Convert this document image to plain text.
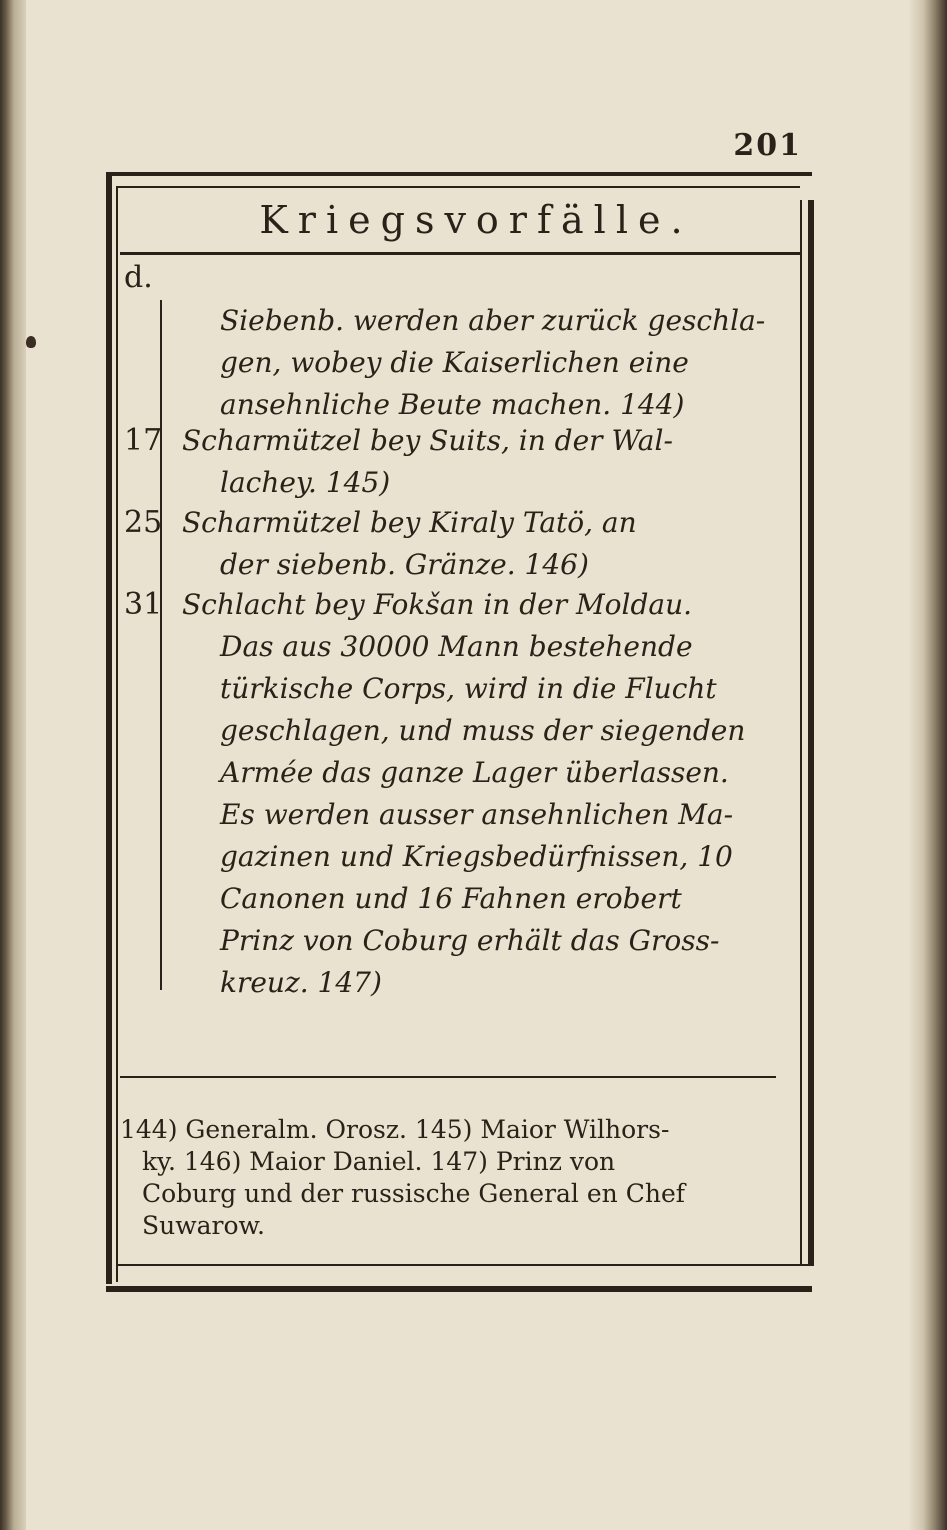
201
Kriegsvorfälle.
d.
Siebenb. werden aber zurück geschla-
gen, wobey die Kaiserlichen eine
ansehnliche Beute machen. 144)
17 Scharmützel bey Suits, in der Wal-
lachey. 145)
25 Scharmützel bey Kiraly Tatö, an
der siebenb. Gränze. 146)
31 Schlacht bey Fokšan in der Moldau.
Das aus 30000 Mann bestehende
türkische Corps, wird in die Flucht
geschlagen, und muss der siegenden
Armée das ganze Lager überlassen.
Es werden ausser ansehnlichen Ma-
gazinen und Kriegsbedürfnissen, 10
Canonen und 16 Fahnen erobert
Prinz von Coburg erhält das Gross-
kreuz. 147)
144) Generalm. Orosz. 145) Maior Wilhors-
ky. 146) Maior Daniel. 147) Prinz von
Coburg und der russische General en Chef
Suwarow.
